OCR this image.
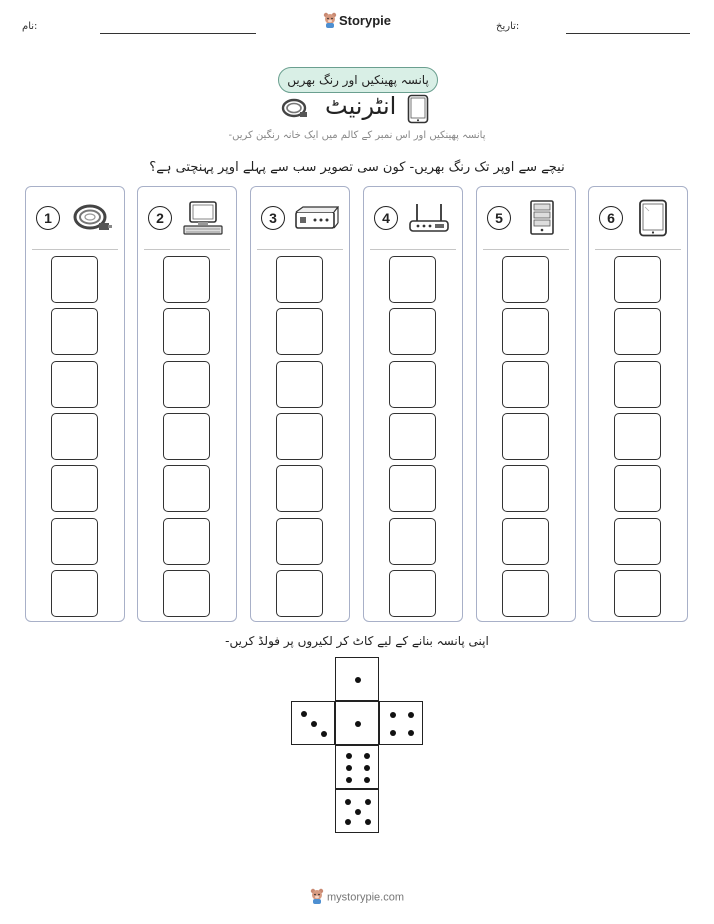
نام:	تاریخ:
Storypie
پانسہ پھینکیں اور رنگ بھریں
انٹرنیٹ
پانسہ پھینکیں اور اس نمبر کے کالم میں ایک خانہ رنگین کریں-
نیچے سے اوپر تک رنگ بھریں- کون سی تصویر سب سے پہلے اوپر پہنچتی ہے؟
1	2	3	4	5	6
اپنی پانسہ بنانے کے لیے کاٹ کر لکیروں پر فولڈ کریں-
mystorypie.com
